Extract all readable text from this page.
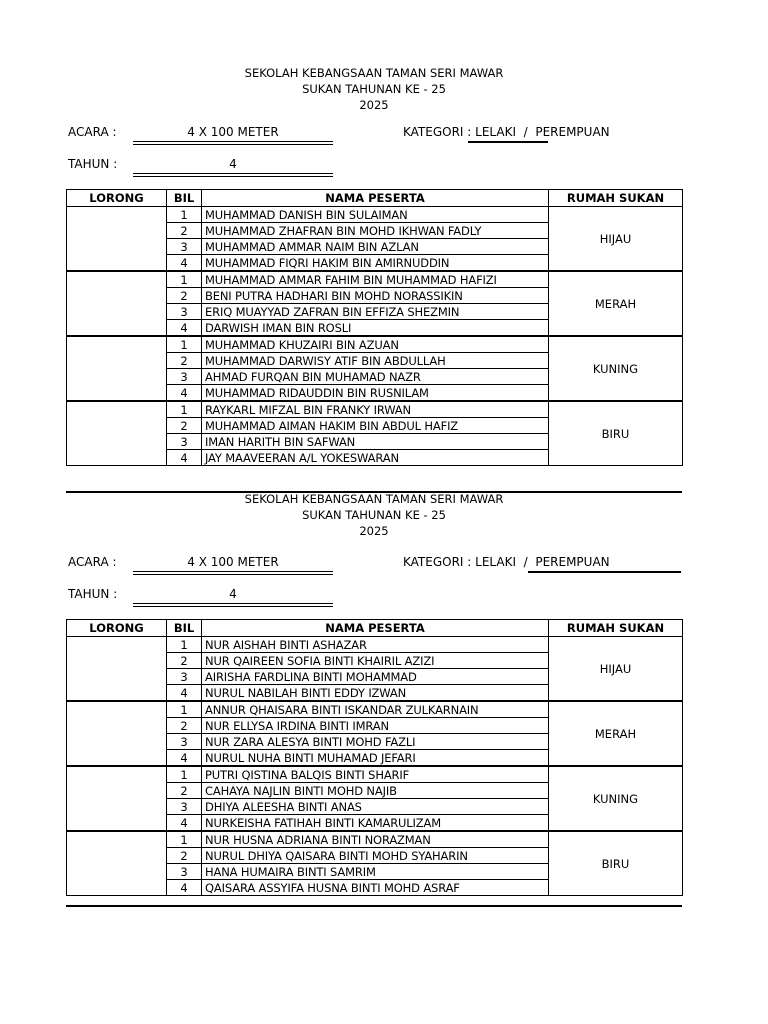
SEKOLAH KEBANGSAAN TAMAN SERI MAWAR
SUKAN TAHUNAN KE - 25
2025
ACARA :	4 X 100 METER	KATEGORI : LELAKI / PEREMPUAN
TAHUN :	4
LORONG	BIL	NAMA PESERTA	RUMAH SUKAN
	1	MUHAMMAD DANISH BIN SULAIMAN	HIJAU
	2	MUHAMMAD ZHAFRAN BIN MOHD IKHWAN FADLY	
	3	MUHAMMAD AMMAR NAIM BIN AZLAN	
	4	MUHAMMAD FIQRI HAKIM BIN AMIRNUDDIN	
	1	MUHAMMAD AMMAR FAHIM BIN MUHAMMAD HAFIZI	MERAH
	2	BENI PUTRA HADHARI BIN MOHD NORASSIKIN	
	3	ERIQ MUAYYAD ZAFRAN BIN EFFIZA SHEZMIN	
	4	DARWISH IMAN BIN ROSLI	
	1	MUHAMMAD KHUZAIRI BIN AZUAN	KUNING
	2	MUHAMMAD DARWISY ATIF BIN ABDULLAH	
	3	AHMAD FURQAN BIN MUHAMAD NAZR	
	4	MUHAMMAD RIDAUDDIN BIN RUSNILAM	
	1	RAYKARL MIFZAL BIN FRANKY IRWAN	BIRU
	2	MUHAMMAD AIMAN HAKIM BIN ABDUL HAFIZ	
	3	IMAN HARITH BIN SAFWAN	
	4	JAY MAAVEERAN A/L YOKESWARAN	
SEKOLAH KEBANGSAAN TAMAN SERI MAWAR
SUKAN TAHUNAN KE - 25
2025
ACARA :	4 X 100 METER	KATEGORI : LELAKI / PEREMPUAN
TAHUN :	4
LORONG	BIL	NAMA PESERTA	RUMAH SUKAN
	1	NUR AISHAH BINTI ASHAZAR	HIJAU
	2	NUR QAIREEN SOFIA BINTI KHAIRIL AZIZI	
	3	AIRISHA FARDLINA BINTI MOHAMMAD	
	4	NURUL NABILAH BINTI EDDY IZWAN	
	1	ANNUR QHAISARA BINTI ISKANDAR ZULKARNAIN	MERAH
	2	NUR ELLYSA IRDINA BINTI IMRAN	
	3	NUR ZARA ALESYA BINTI MOHD FAZLI	
	4	NURUL NUHA BINTI MUHAMAD JEFARI	
	1	PUTRI QISTINA BALQIS BINTI SHARIF	KUNING
	2	CAHAYA NAJLIN BINTI MOHD NAJIB	
	3	DHIYA ALEESHA BINTI ANAS	
	4	NURKEISHA FATIHAH BINTI KAMARULIZAM	
	1	NUR HUSNA ADRIANA BINTI NORAZMAN	BIRU
	2	NURUL DHIYA QAISARA BINTI MOHD SYAHARIN	
	3	HANA HUMAIRA BINTI SAMRIM	
	4	QAISARA ASSYIFA HUSNA BINTI MOHD ASRAF	
